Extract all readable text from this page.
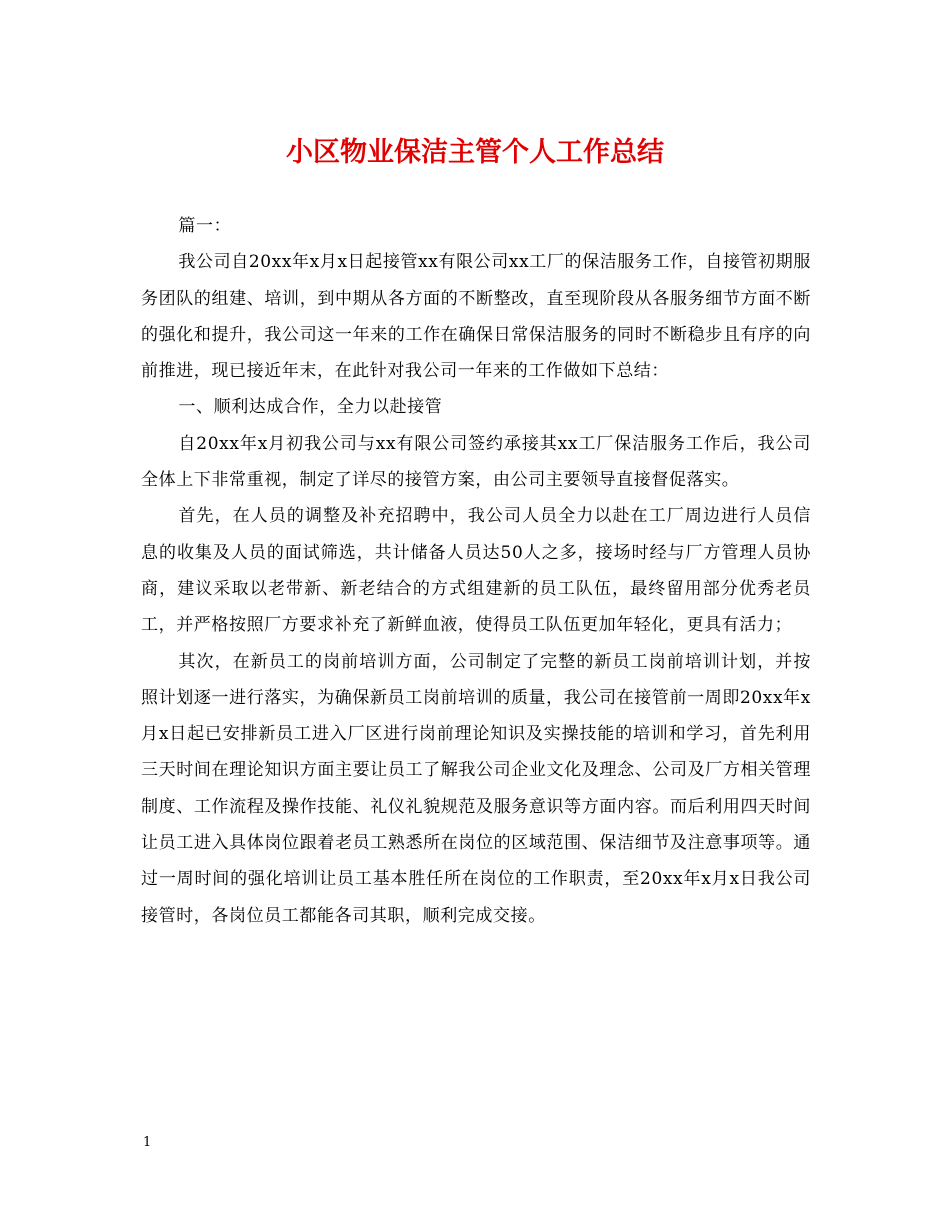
小区物业保洁主管个人工作总结

篇一：

我公司自20xx年x月x日起接管xx有限公司xx工厂的保洁服务工作，自接管初期服务团队的组建、培训，到中期从各方面的不断整改，直至现阶段从各服务细节方面不断的强化和提升，我公司这一年来的工作在确保日常保洁服务的同时不断稳步且有序的向前推进，现已接近年末，在此针对我公司一年来的工作做如下总结：

一、顺利达成合作，全力以赴接管

自20xx年x月初我公司与xx有限公司签约承接其xx工厂保洁服务工作后，我公司全体上下非常重视，制定了详尽的接管方案，由公司主要领导直接督促落实。

首先，在人员的调整及补充招聘中，我公司人员全力以赴在工厂周边进行人员信息的收集及人员的面试筛选，共计储备人员达50人之多，接场时经与厂方管理人员协商，建议采取以老带新、新老结合的方式组建新的员工队伍，最终留用部分优秀老员工，并严格按照厂方要求补充了新鲜血液，使得员工队伍更加年轻化，更具有活力；

其次，在新员工的岗前培训方面，公司制定了完整的新员工岗前培训计划，并按照计划逐一进行落实，为确保新员工岗前培训的质量，我公司在接管前一周即20xx年x月x日起已安排新员工进入厂区进行岗前理论知识及实操技能的培训和学习，首先利用三天时间在理论知识方面主要让员工了解我公司企业文化及理念、公司及厂方相关管理制度、工作流程及操作技能、礼仪礼貌规范及服务意识等方面内容。而后利用四天时间让员工进入具体岗位跟着老员工熟悉所在岗位的区域范围、保洁细节及注意事项等。通过一周时间的强化培训让员工基本胜任所在岗位的工作职责，至20xx年x月x日我公司接管时，各岗位员工都能各司其职，顺利完成交接。

1
